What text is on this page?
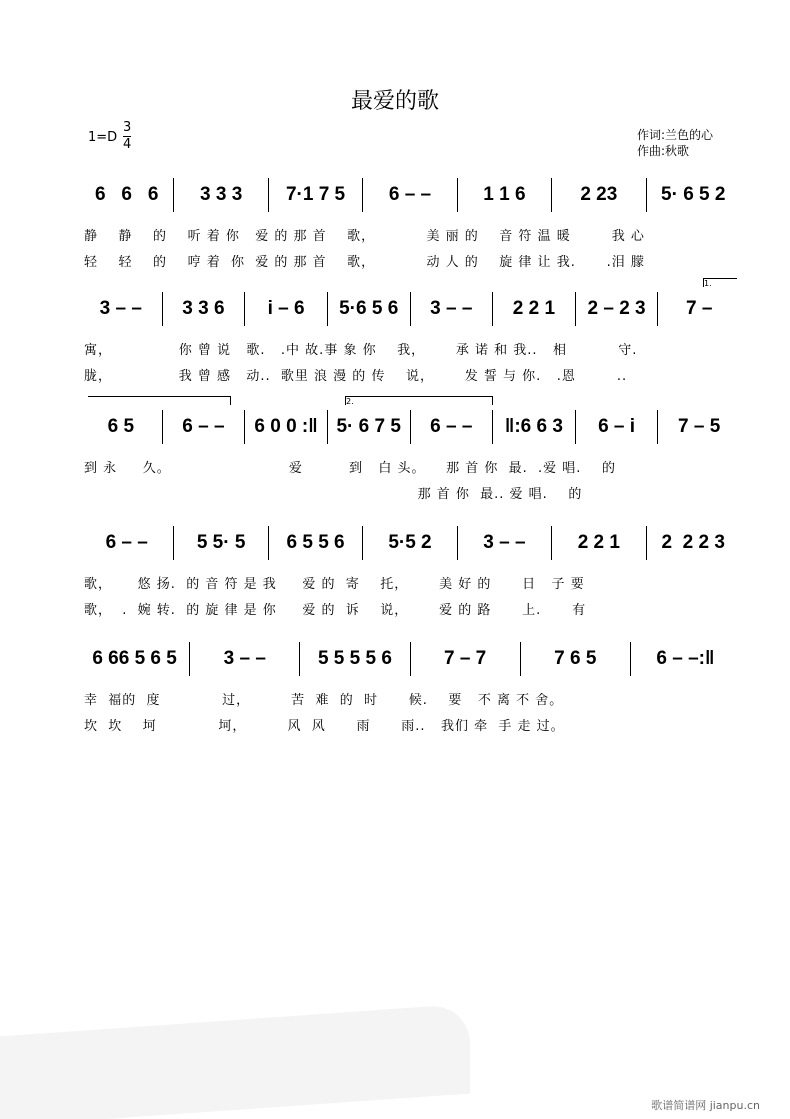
最爱的歌
$1=D \frac{3}{4}$	作词:兰色的心
作曲:秋歌
6   6   6	3 3 3	7·1 7 5	6 – –	1 1 6	2 23	5· 6 5 2
静    静    的    听 着 你   爱 的 那 首    歌，          美 丽 的    音 符 温 暖        我 心
轻    轻    的    哼 着  你  爱 的 那 首    歌，          动 人 的    旋 律 让 我.      .泪 朦
3 – –	3 3 6	i – 6	5·6 5 6	3 – –	2 2 1	2 – 2 3	7 –
寓，             你 曾 说   歌.   .中 故.事 象 你    我，      承 诺 和 我..   相          守.
胧，             我 曾 感   动..  歌里 浪 漫 的 传    说，      发 誓 与 你.   .恩        ..
6 5	6 – –	6 0 0 :‖ 5· 6 7 5	6 – –	‖:6 6 3	6 – i	7 – 5
到 永     久。                       爱         到   白 头。    那 首 你  最.  .爱 唱.    的
那 首 你  最.. 爱 唱.    的
6 – –	5 5· 5	6 5 5 6	5·5 2	3 – –	2 2 1	2  2 2 3
歌，     悠 扬.  的 音 符 是 我     爱 的  寄    托，      美 好 的      日   子 要
歌，  .  婉 转.  的 旋 律 是 你     爱 的  诉    说，      爱 的 路      上.      有
6 66 5 6 5	3 – –	5 5 5 5 6	7 – 7	7 6 5	6 – –:‖
幸  福的  度            过，        苦  难  的  时      候.    要   不 离 不 舍。
坎  坎    坷            坷，        风  风      雨      雨..   我们 牵  手 走 过。
1.
2.
歌谱简谱网 jianpu.cn
